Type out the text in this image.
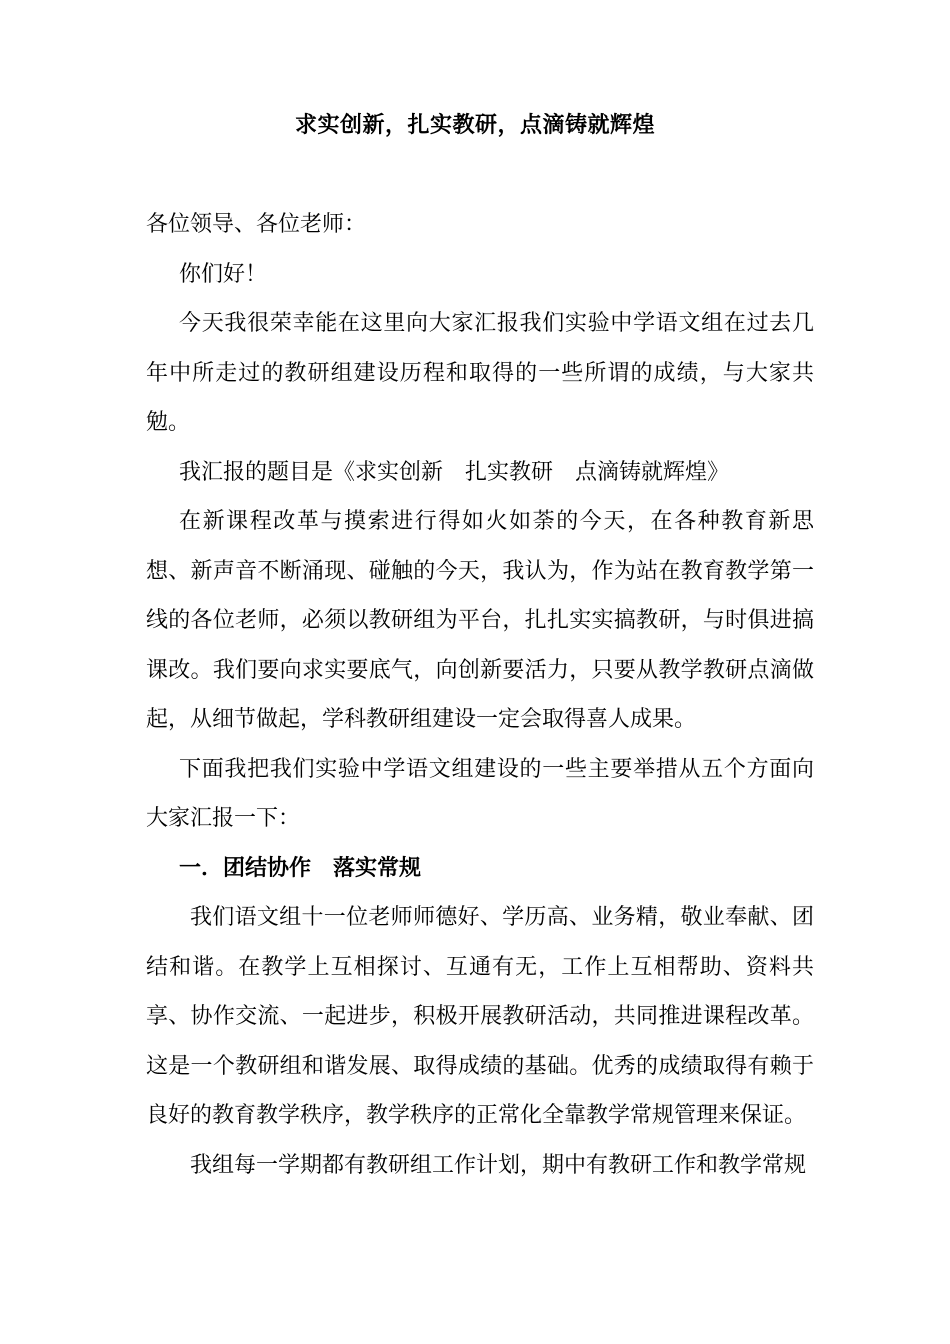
求实创新，扎实教研，点滴铸就辉煌

各位领导、各位老师：

你们好！

今天我很荣幸能在这里向大家汇报我们实验中学语文组在过去几年中所走过的教研组建设历程和取得的一些所谓的成绩，与大家共勉。

我汇报的题目是《求实创新　扎实教研　点滴铸就辉煌》

在新课程改革与摸索进行得如火如荼的今天，在各种教育新思想、新声音不断涌现、碰触的今天，我认为，作为站在教育教学第一线的各位老师，必须以教研组为平台，扎扎实实搞教研，与时俱进搞课改。我们要向求实要底气，向创新要活力，只要从教学教研点滴做起，从细节做起，学科教研组建设一定会取得喜人成果。

下面我把我们实验中学语文组建设的一些主要举措从五个方面向大家汇报一下：

一．团结协作　落实常规

我们语文组十一位老师师德好、学历高、业务精，敬业奉献、团结和谐。在教学上互相探讨、互通有无，工作上互相帮助、资料共享、协作交流、一起进步，积极开展教研活动，共同推进课程改革。这是一个教研组和谐发展、取得成绩的基础。优秀的成绩取得有赖于良好的教育教学秩序，教学秩序的正常化全靠教学常规管理来保证。

我组每一学期都有教研组工作计划，期中有教研工作和教学常规
